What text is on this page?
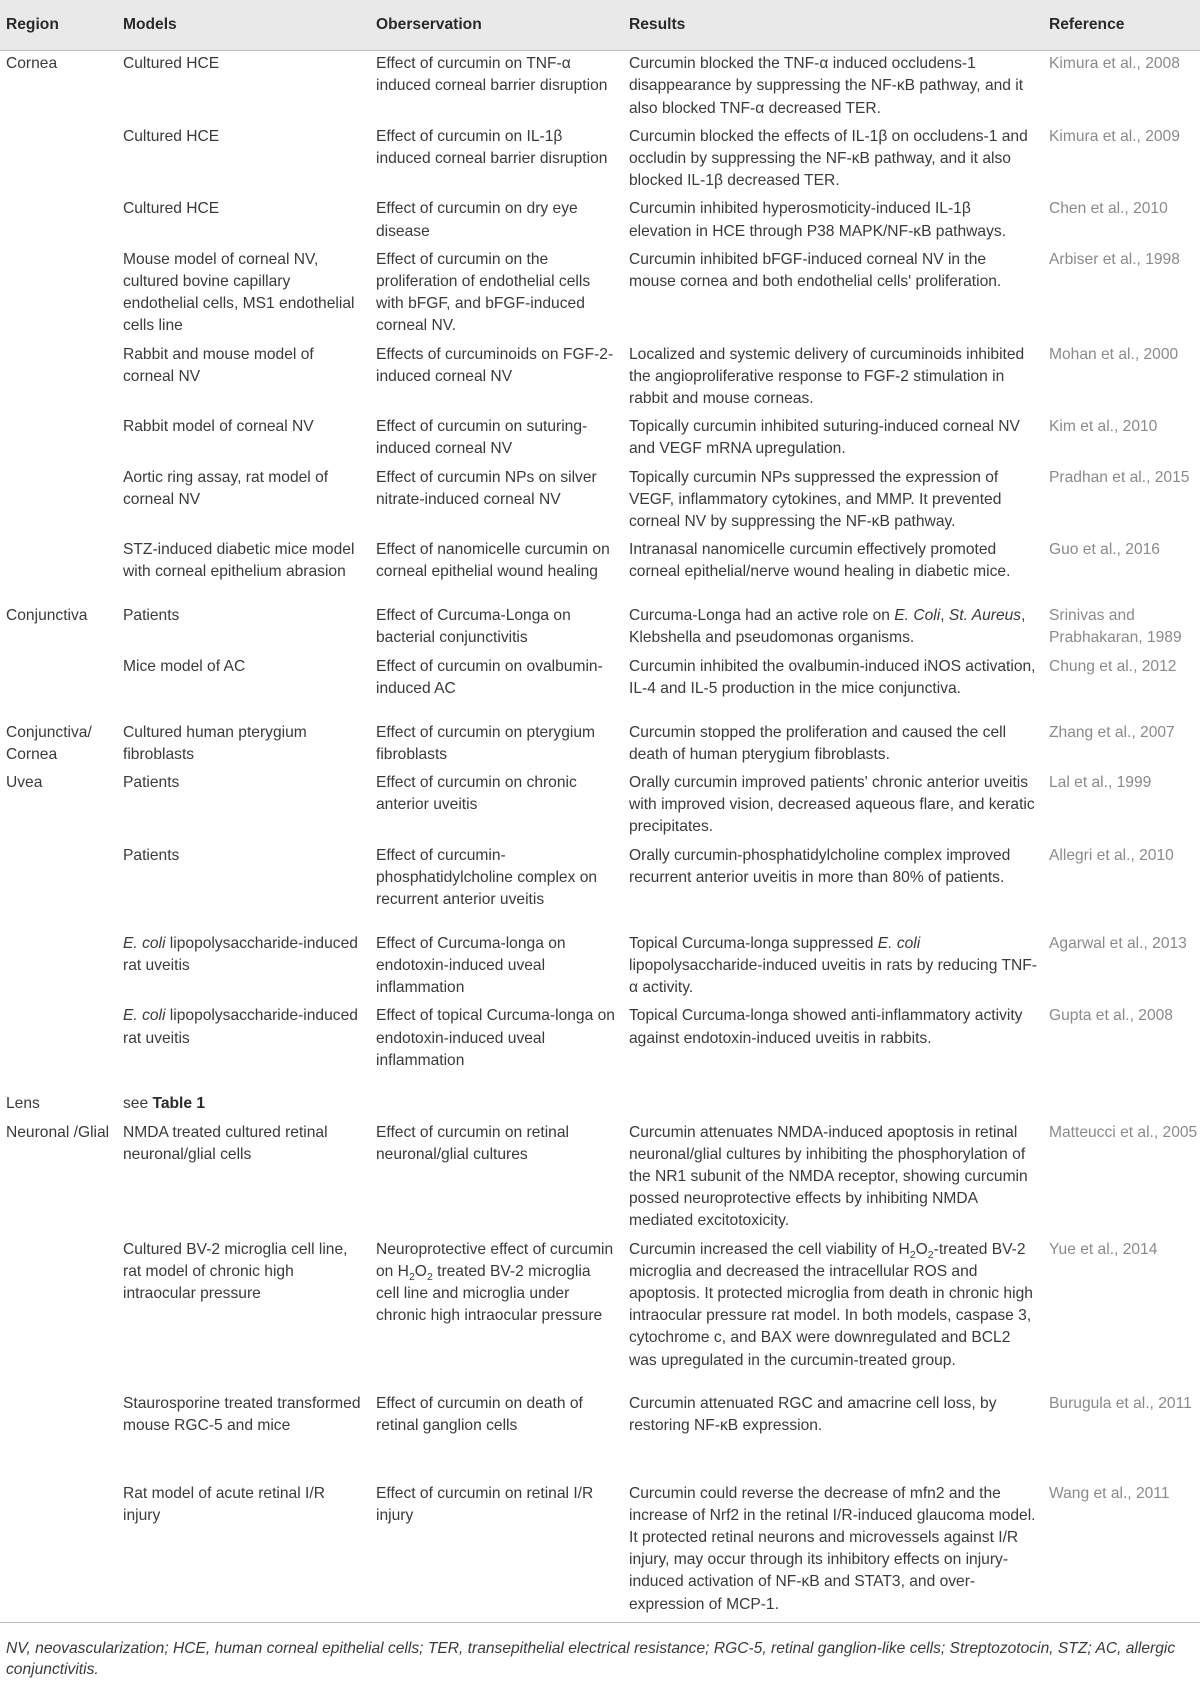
Region	Models	Oberservation	Results	Reference
Cornea	Cultured HCE	Effect of curcumin on TNF-α induced corneal barrier disruption	Curcumin blocked the TNF-α induced occludens-1 disappearance by suppressing the NF-κB pathway, and it also blocked TNF-α decreased TER.	Kimura et al., 2008
	Cultured HCE	Effect of curcumin on IL-1β induced corneal barrier disruption	Curcumin blocked the effects of IL-1β on occludens-1 and occludin by suppressing the NF-κB pathway, and it also blocked IL-1β decreased TER.	Kimura et al., 2009
	Cultured HCE	Effect of curcumin on dry eye disease	Curcumin inhibited hyperosmoticity-induced IL-1β elevation in HCE through P38 MAPK/NF-κB pathways.	Chen et al., 2010
	Mouse model of corneal NV, cultured bovine capillary endothelial cells, MS1 endothelial cells line	Effect of curcumin on the proliferation of endothelial cells with bFGF, and bFGF-induced corneal NV.	Curcumin inhibited bFGF-induced corneal NV in the mouse cornea and both endothelial cells' proliferation.	Arbiser et al., 1998
	Rabbit and mouse model of corneal NV	Effects of curcuminoids on FGF-2-induced corneal NV	Localized and systemic delivery of curcuminoids inhibited the angioproliferative response to FGF-2 stimulation in rabbit and mouse corneas.	Mohan et al., 2000
	Rabbit model of corneal NV	Effect of curcumin on suturing-induced corneal NV	Topically curcumin inhibited suturing-induced corneal NV and VEGF mRNA upregulation.	Kim et al., 2010
	Aortic ring assay, rat model of corneal NV	Effect of curcumin NPs on silver nitrate-induced corneal NV	Topically curcumin NPs suppressed the expression of VEGF, inflammatory cytokines, and MMP. It prevented corneal NV by suppressing the NF-κB pathway.	Pradhan et al., 2015
	STZ-induced diabetic mice model with corneal epithelium abrasion	Effect of nanomicelle curcumin on corneal epithelial wound healing	Intranasal nanomicelle curcumin effectively promoted corneal epithelial/nerve wound healing in diabetic mice.	Guo et al., 2016
Conjunctiva	Patients	Effect of Curcuma-Longa on bacterial conjunctivitis	Curcuma-Longa had an active role on E. Coli, St. Aureus, Klebshella and pseudomonas organisms.	Srinivas and Prabhakaran, 1989
	Mice model of AC	Effect of curcumin on ovalbumin-induced AC	Curcumin inhibited the ovalbumin-induced iNOS activation, IL-4 and IL-5 production in the mice conjunctiva.	Chung et al., 2012
Conjunctiva/ Cornea	Cultured human pterygium fibroblasts	Effect of curcumin on pterygium fibroblasts	Curcumin stopped the proliferation and caused the cell death of human pterygium fibroblasts.	Zhang et al., 2007
Uvea	Patients	Effect of curcumin on chronic anterior uveitis	Orally curcumin improved patients' chronic anterior uveitis with improved vision, decreased aqueous flare, and keratic precipitates.	Lal et al., 1999
	Patients	Effect of curcumin-phosphatidylcholine complex on recurrent anterior uveitis	Orally curcumin-phosphatidylcholine complex improved recurrent anterior uveitis in more than 80% of patients.	Allegri et al., 2010
	E. coli lipopolysaccharide-induced rat uveitis	Effect of Curcuma-longa on endotoxin-induced uveal inflammation	Topical Curcuma-longa suppressed E. coli lipopolysaccharide-induced uveitis in rats by reducing TNF-α activity.	Agarwal et al., 2013
	E. coli lipopolysaccharide-induced rat uveitis	Effect of topical Curcuma-longa on endotoxin-induced uveal inflammation	Topical Curcuma-longa showed anti-inflammatory activity against endotoxin-induced uveitis in rabbits.	Gupta et al., 2008
Lens	see Table 1			
Neuronal /Glial	NMDA treated cultured retinal neuronal/glial cells	Effect of curcumin on retinal neuronal/glial cultures	Curcumin attenuates NMDA-induced apoptosis in retinal neuronal/glial cultures by inhibiting the phosphorylation of the NR1 subunit of the NMDA receptor, showing curcumin possed neuroprotective effects by inhibiting NMDA mediated excitotoxicity.	Matteucci et al., 2005
	Cultured BV-2 microglia cell line, rat model of chronic high intraocular pressure	Neuroprotective effect of curcumin on $H_2O_2$ treated BV-2 microglia cell line and microglia under chronic high intraocular pressure	Curcumin increased the cell viability of $H_2O_2$-treated BV-2 microglia and decreased the intracellular ROS and apoptosis. It protected microglia from death in chronic high intraocular pressure rat model. In both models, caspase 3, cytochrome c, and BAX were downregulated and BCL2 was upregulated in the curcumin-treated group.	Yue et al., 2014
	Staurosporine treated transformed mouse RGC-5 and mice	Effect of curcumin on death of retinal ganglion cells	Curcumin attenuated RGC and amacrine cell loss, by restoring NF-κB expression.	Burugula et al., 2011
	Rat model of acute retinal I/R injury	Effect of curcumin on retinal I/R injury	Curcumin could reverse the decrease of mfn2 and the increase of Nrf2 in the retinal I/R-induced glaucoma model. It protected retinal neurons and microvessels against I/R injury, may occur through its inhibitory effects on injury-induced activation of NF-κB and STAT3, and over-expression of MCP-1.	Wang et al., 2011
NV, neovascularization; HCE, human corneal epithelial cells; TER, transepithelial electrical resistance; RGC-5, retinal ganglion-like cells; Streptozotocin, STZ; AC, allergic conjunctivitis.
